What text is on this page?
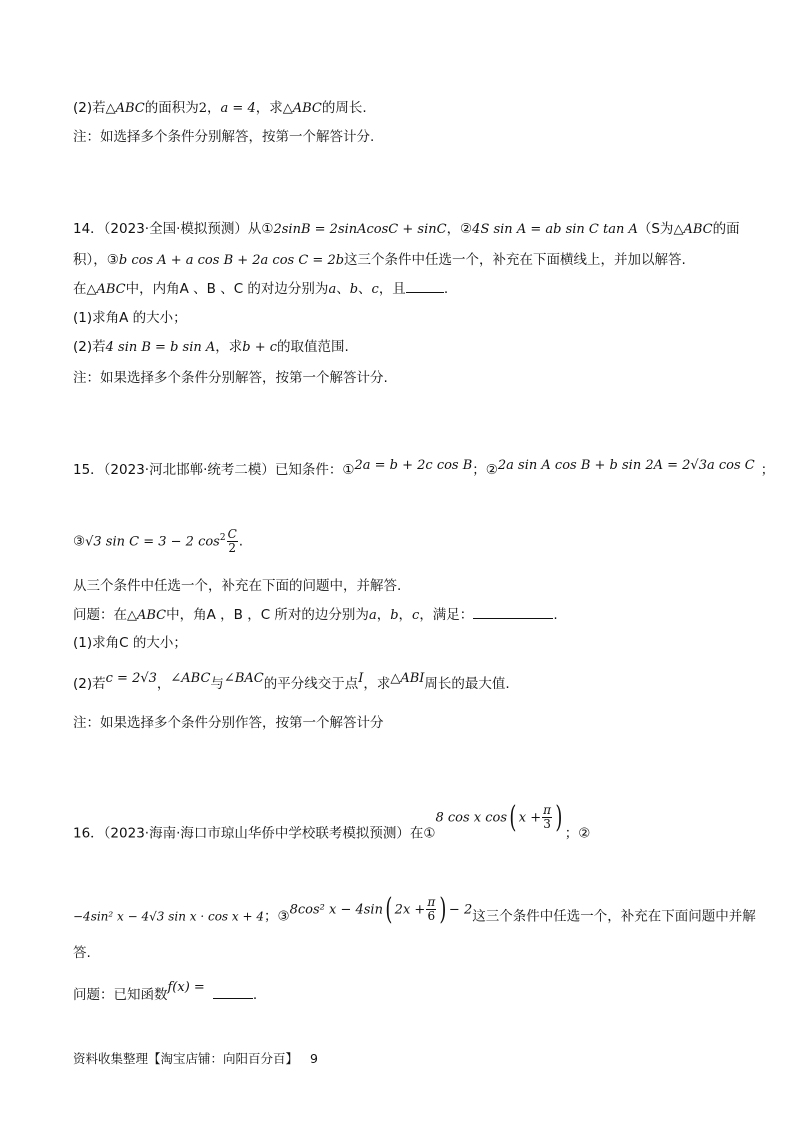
(2)若△ABC的面积为2，a = 4，求△ABC的周长.
注：如选择多个条件分别解答，按第一个解答计分.
14．（2023·全国·模拟预测）从①2sinB = 2sinAcosC + sinC，②4S sin A = ab sin C tan A（S为△ABC的面
积），③b cos A + a cos B + 2a cos C = 2b这三个条件中任选一个，补充在下面横线上，并加以解答.
在△ABC中，内角A 、B 、C 的对边分别为a、b、c，且	.
(1)求角A 的大小；
(2)若4 sin B = b sin A，求b + c的取值范围.
注：如果选择多个条件分别解答，按第一个解答计分.
15．（2023·河北邯郸·统考二模）已知条件：①2a = b + 2c cos B；②2a sin A cos B + b sin 2A = 2√3a cos C ；
③√3 sin C = 3 − 2 $\cos^2 \frac{C}{2}$ .
从三个条件中任选一个，补充在下面的问题中，并解答.
问题：在△ABC中，角A ，B ，C 所对的边分别为a，b，c，满足：	.
(1)求角C 的大小；
(2)若c = 2√3，∠ABC与∠BAC的平分线交于点I，求△ABI周长的最大值.
注：如果选择多个条件分别作答，按第一个解答计分
16．（2023·海南·海口市琼山华侨中学校联考模拟预测）在①8 cos x cos( $x + \frac{\pi}{3}$ ) ；②
−4sin² x − 4√3 sin x · cos x + 4；③8cos² x − 4sin( $2x + \frac{\pi}{6}$ ) − 2这三个条件中任选一个，补充在下面问题中并解
答.
问题：已知函数f(x) =	.
资料收集整理【淘宝店铺：向阳百分百】 9
